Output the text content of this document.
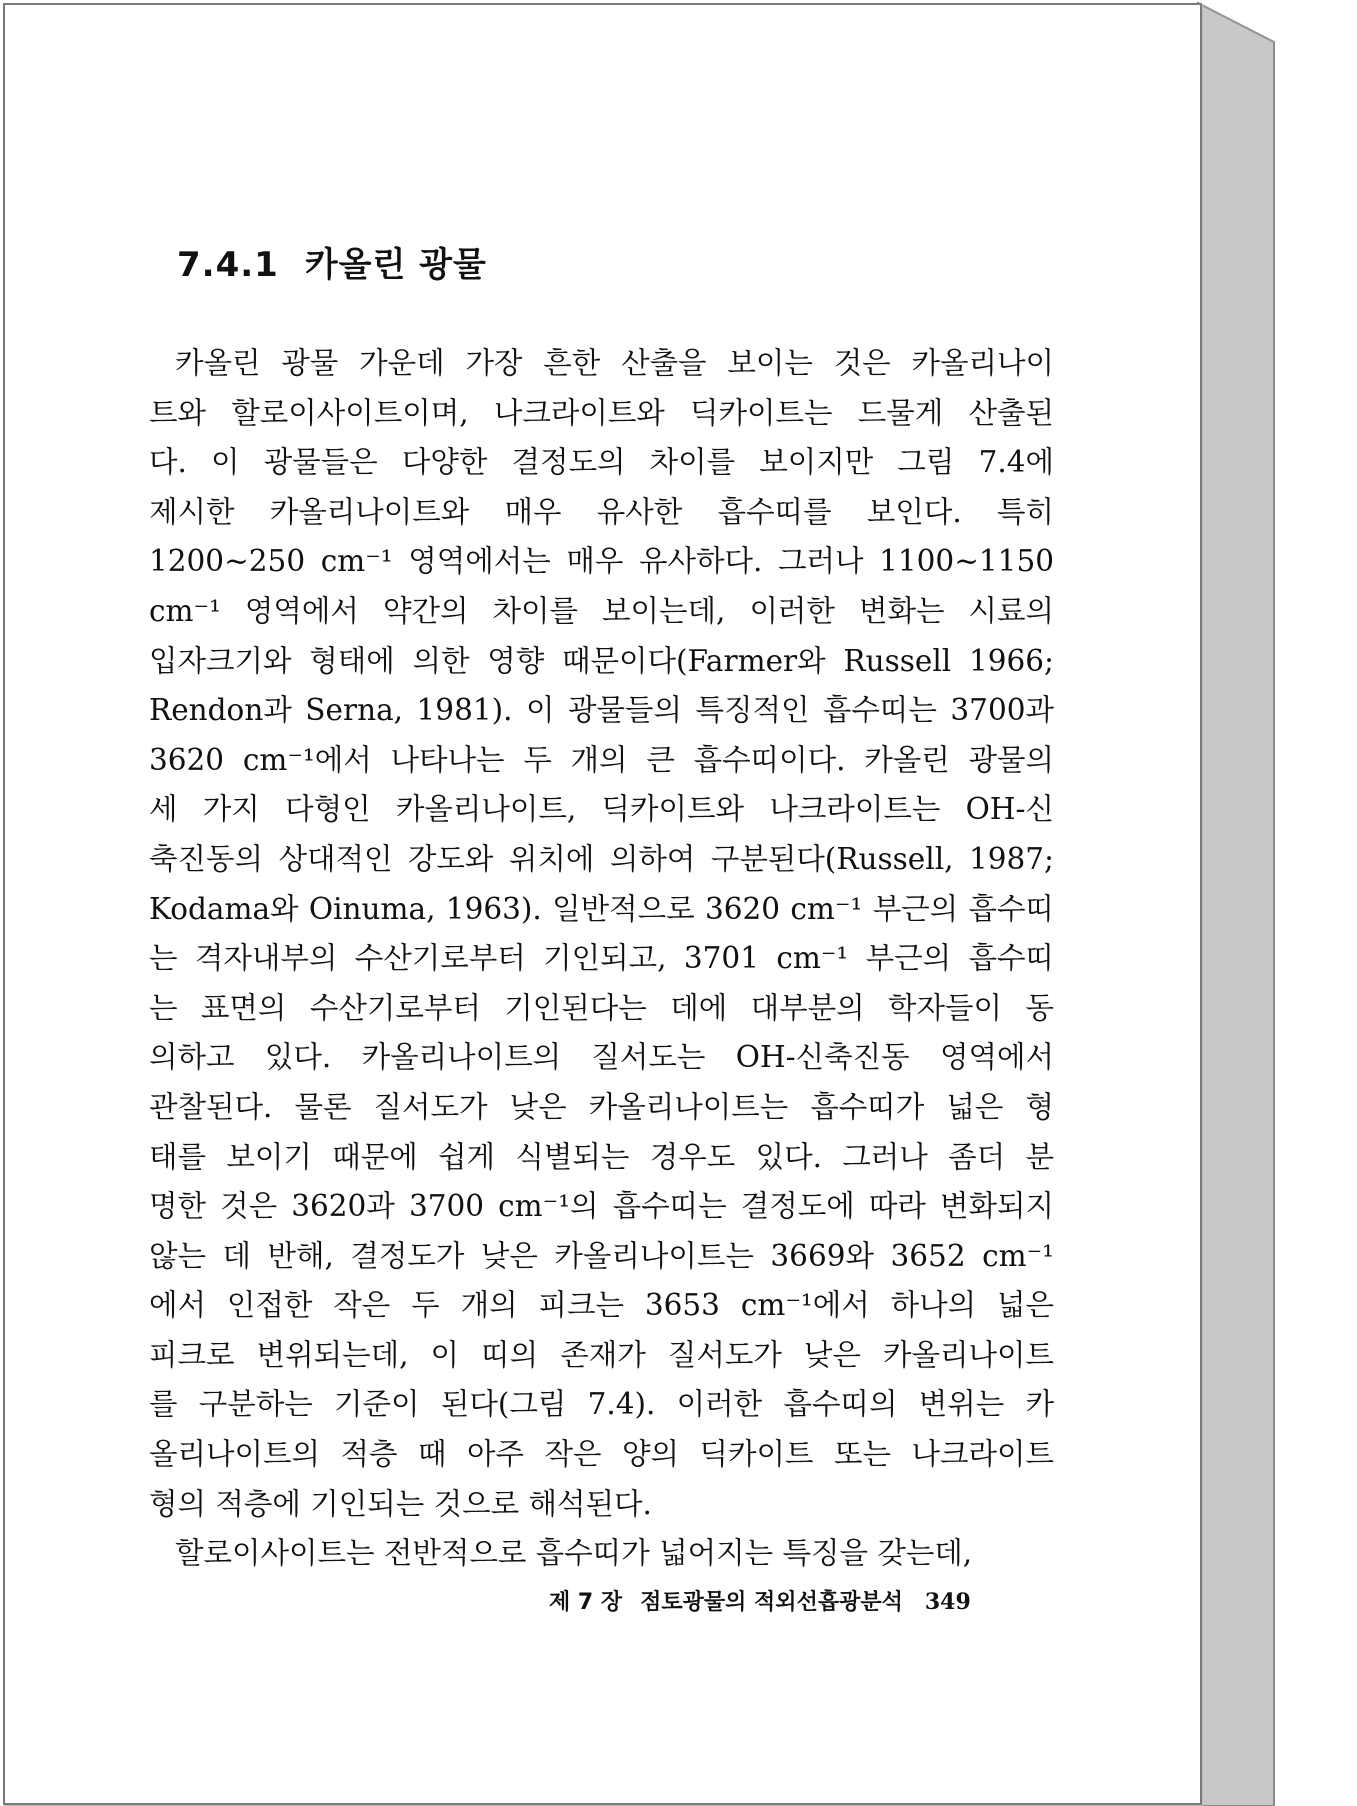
7.4.1 카올린 광물
카올린 광물 가운데 가장 흔한 산출을 보이는 것은 카올리나이
트와 할로이사이트이며, 나크라이트와 딕카이트는 드물게 산출된
다. 이 광물들은 다양한 결정도의 차이를 보이지만 그림 7.4에
제시한 카올리나이트와 매우 유사한 흡수띠를 보인다. 특히
1200∼250 cm⁻¹ 영역에서는 매우 유사하다. 그러나 1100∼1150
cm⁻¹ 영역에서 약간의 차이를 보이는데, 이러한 변화는 시료의
입자크기와 형태에 의한 영향 때문이다(Farmer와 Russell 1966;
Rendon과 Serna, 1981). 이 광물들의 특징적인 흡수띠는 3700과
3620 cm⁻¹에서 나타나는 두 개의 큰 흡수띠이다. 카올린 광물의
세 가지 다형인 카올리나이트, 딕카이트와 나크라이트는 OH-신
축진동의 상대적인 강도와 위치에 의하여 구분된다(Russell, 1987;
Kodama와 Oinuma, 1963). 일반적으로 3620 cm⁻¹ 부근의 흡수띠
는 격자내부의 수산기로부터 기인되고, 3701 cm⁻¹ 부근의 흡수띠
는 표면의 수산기로부터 기인된다는 데에 대부분의 학자들이 동
의하고 있다. 카올리나이트의 질서도는 OH-신축진동 영역에서
관찰된다. 물론 질서도가 낮은 카올리나이트는 흡수띠가 넓은 형
태를 보이기 때문에 쉽게 식별되는 경우도 있다. 그러나 좀더 분
명한 것은 3620과 3700 cm⁻¹의 흡수띠는 결정도에 따라 변화되지
않는 데 반해, 결정도가 낮은 카올리나이트는 3669와 3652 cm⁻¹
에서 인접한 작은 두 개의 피크는 3653 cm⁻¹에서 하나의 넓은
피크로 변위되는데, 이 띠의 존재가 질서도가 낮은 카올리나이트
를 구분하는 기준이 된다(그림 7.4). 이러한 흡수띠의 변위는 카
올리나이트의 적층 때 아주 작은 양의 딕카이트 또는 나크라이트
형의 적층에 기인되는 것으로 해석된다.
할로이사이트는 전반적으로 흡수띠가 넓어지는 특징을 갖는데,
제 7 장 점토광물의 적외선흡광분석 349
